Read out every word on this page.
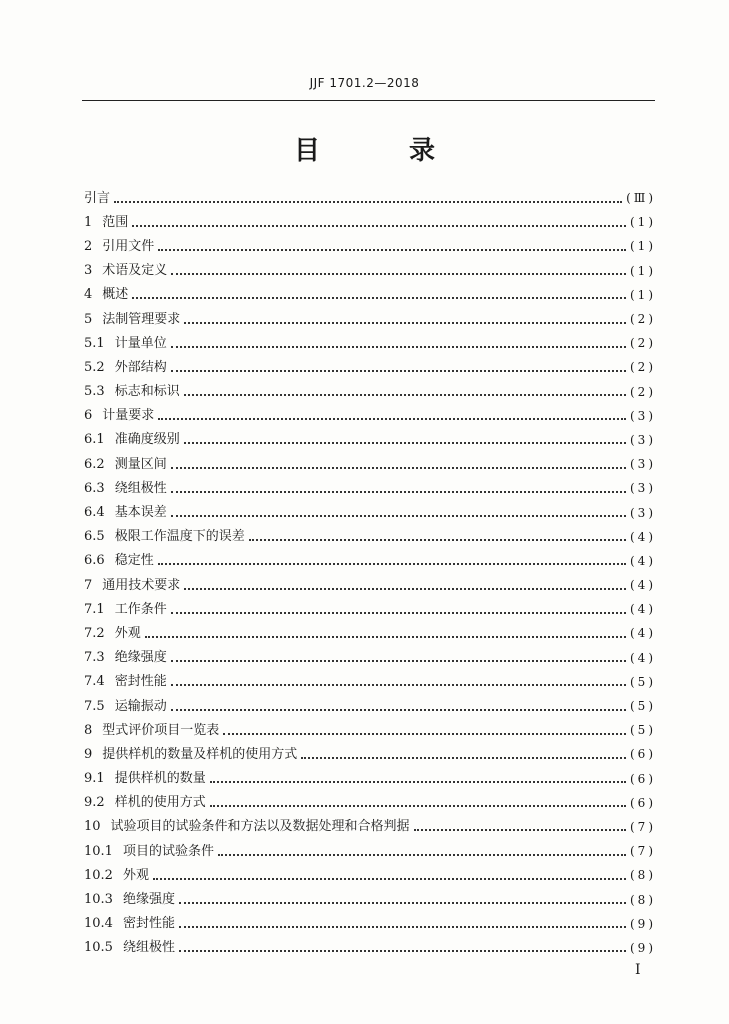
JJF 1701.2—2018
目 录
引言	(Ⅲ)
1 范围	(1)
2 引用文件	(1)
3 术语及定义	(1)
4 概述	(1)
5 法制管理要求	(2)
5.1 计量单位	(2)
5.2 外部结构	(2)
5.3 标志和标识	(2)
6 计量要求	(3)
6.1 准确度级别	(3)
6.2 测量区间	(3)
6.3 绕组极性	(3)
6.4 基本误差	(3)
6.5 极限工作温度下的误差	(4)
6.6 稳定性	(4)
7 通用技术要求	(4)
7.1 工作条件	(4)
7.2 外观	(4)
7.3 绝缘强度	(4)
7.4 密封性能	(5)
7.5 运输振动	(5)
8 型式评价项目一览表	(5)
9 提供样机的数量及样机的使用方式	(6)
9.1 提供样机的数量	(6)
9.2 样机的使用方式	(6)
10 试验项目的试验条件和方法以及数据处理和合格判据	(7)
10.1 项目的试验条件	(7)
10.2 外观	(8)
10.3 绝缘强度	(8)
10.4 密封性能	(9)
10.5 绕组极性	(9)
I
